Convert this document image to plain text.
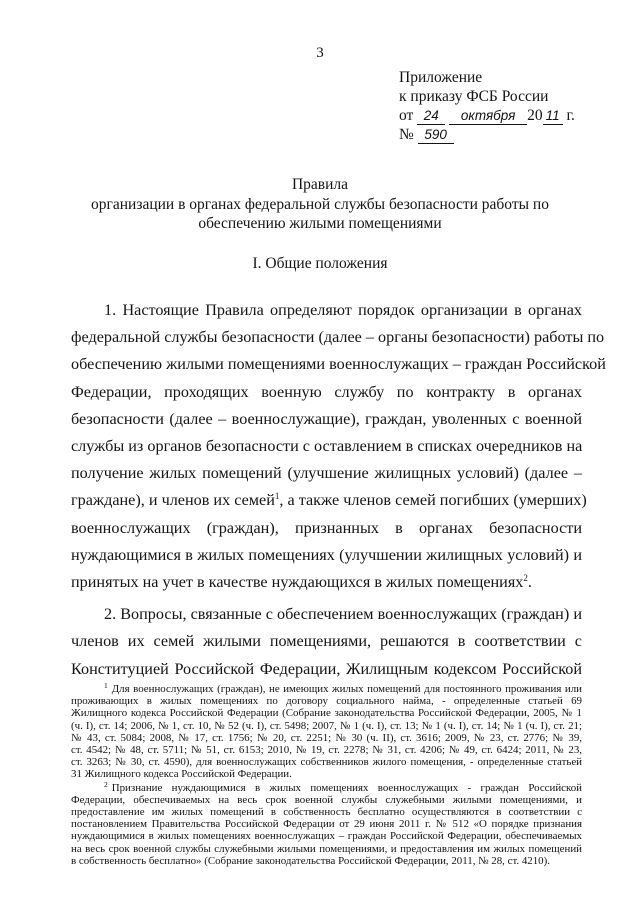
3
Приложение
к приказу ФСБ России
от 24 октября 20 11 г.
№ 590
Правила
организации в органах федеральной службы безопасности работы по
обеспечению жилыми помещениями
I. Общие положения
1. Настоящие Правила определяют порядок организации в органах
федеральной службы безопасности (далее – органы безопасности) работы по
обеспечению жилыми помещениями военнослужащих – граждан Российской
Федерации, проходящих военную службу по контракту в органах
безопасности (далее – военнослужащие), граждан, уволенных с военной
службы из органов безопасности с оставлением в списках очередников на
получение жилых помещений (улучшение жилищных условий) (далее –
граждане), и членов их семей$^1$, а также членов семей погибших (умерших)
военнослужащих (граждан), признанных в органах безопасности
нуждающимися в жилых помещениях (улучшении жилищных условий) и
принятых на учет в качестве нуждающихся в жилых помещениях$^2$.
2. Вопросы, связанные с обеспечением военнослужащих (граждан) и
членов их семей жилыми помещениями, решаются в соответствии с
Конституцией Российской Федерации, Жилищным кодексом Российской
$^1$ Для военнослужащих (граждан), не имеющих жилых помещений для постоянного проживания или
проживающих в жилых помещениях по договору социального найма, - определенные статьей 69
Жилищного кодекса Российской Федерации (Собрание законодательства Российской Федерации, 2005, № 1
(ч. I), ст. 14; 2006, № 1, ст. 10, № 52 (ч. I), ст. 5498; 2007, № 1 (ч. I), ст. 13; № 1 (ч. I), ст. 14; № 1 (ч. I), ст. 21;
№ 43, ст. 5084; 2008, № 17, ст. 1756; № 20, ст. 2251; № 30 (ч. II), ст. 3616; 2009, № 23, ст. 2776; № 39,
ст. 4542; № 48, ст. 5711; № 51, ст. 6153; 2010, № 19, ст. 2278; № 31, ст. 4206; № 49, ст. 6424; 2011, № 23,
ст. 3263; № 30, ст. 4590), для военнослужащих собственников жилого помещения, - определенные статьей
31 Жилищного кодекса Российской Федерации.
$^2$ Признание нуждающимися в жилых помещениях военнослужащих - граждан Российской
Федерации, обеспечиваемых на весь срок военной службы служебными жилыми помещениями, и
предоставление им жилых помещений в собственность бесплатно осуществляются в соответствии с
постановлением Правительства Российской Федерации от 29 июня 2011 г. № 512 «О порядке признания
нуждающимися в жилых помещениях военнослужащих – граждан Российской Федерации, обеспечиваемых
на весь срок военной службы служебными жилыми помещениями, и предоставления им жилых помещений
в собственность бесплатно» (Собрание законодательства Российской Федерации, 2011, № 28, ст. 4210).
